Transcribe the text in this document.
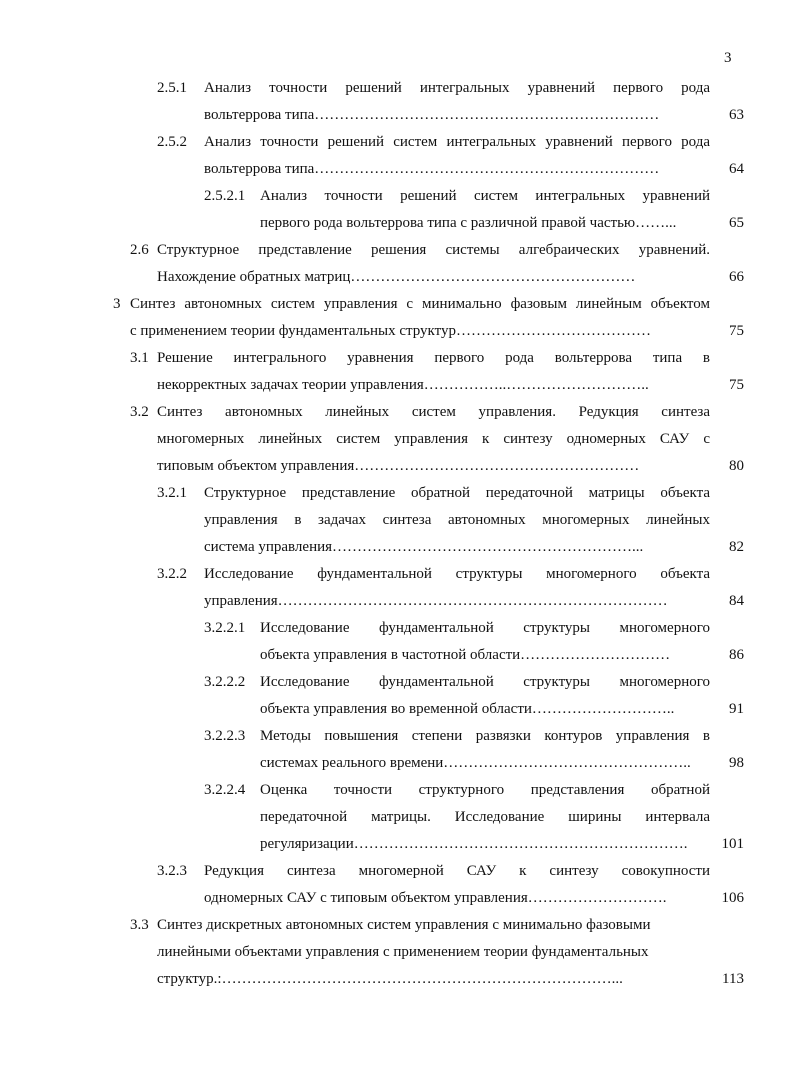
3
2.5.1 Анализ точности решений интегральных уравнений первого рода
вольтеррова типа……………………………………………………………	63
2.5.2 Анализ точности решений систем интегральных уравнений первого рода
вольтеррова типа……………………………………………………………	64
2.5.2.1 Анализ точности решений систем интегральных уравнений
первого рода вольтеррова типа с различной правой частью……...	65
2.6 Структурное представление решения системы алгебраических уравнений.
Нахождение обратных матриц…………………………………………………	66
3 Синтез автономных систем управления с минимально фазовым линейным объектом
с применением теории фундаментальных структур…………………………………	75
3.1 Решение интегрального уравнения первого рода вольтеррова типа в
некорректных задачах теории управления……………..………………………..	75
3.2 Синтез автономных линейных систем управления. Редукция синтеза
многомерных линейных систем управления к синтезу одномерных САУ с
типовым объектом управления…………………………………………………	80
3.2.1 Структурное представление обратной передаточной матрицы объекта
управления в задачах синтеза автономных многомерных линейных
система управления……………………………………………………...	82
3.2.2 Исследование фундаментальной структуры многомерного объекта
управления……………………………………………………………………	84
3.2.2.1 Исследование фундаментальной структуры многомерного
объекта управления в частотной области…………………………	86
3.2.2.2 Исследование фундаментальной структуры многомерного
объекта управления во временной области………………………..	91
3.2.2.3 Методы повышения степени развязки контуров управления в
системах реального времени…………………………………………..	98
3.2.2.4 Оценка точности структурного представления обратной
передаточной матрицы. Исследование ширины интервала
регуляризации………………………………………………………….	101
3.2.3 Редукция синтеза многомерной САУ к синтезу совокупности
одномерных САУ с типовым объектом управления……………………….	106
3.3 Синтез дискретных автономных систем управления с минимально фазовыми
линейными объектами управления с применением теории фундаментальных
структур.:……………………………………………………………………...	113
